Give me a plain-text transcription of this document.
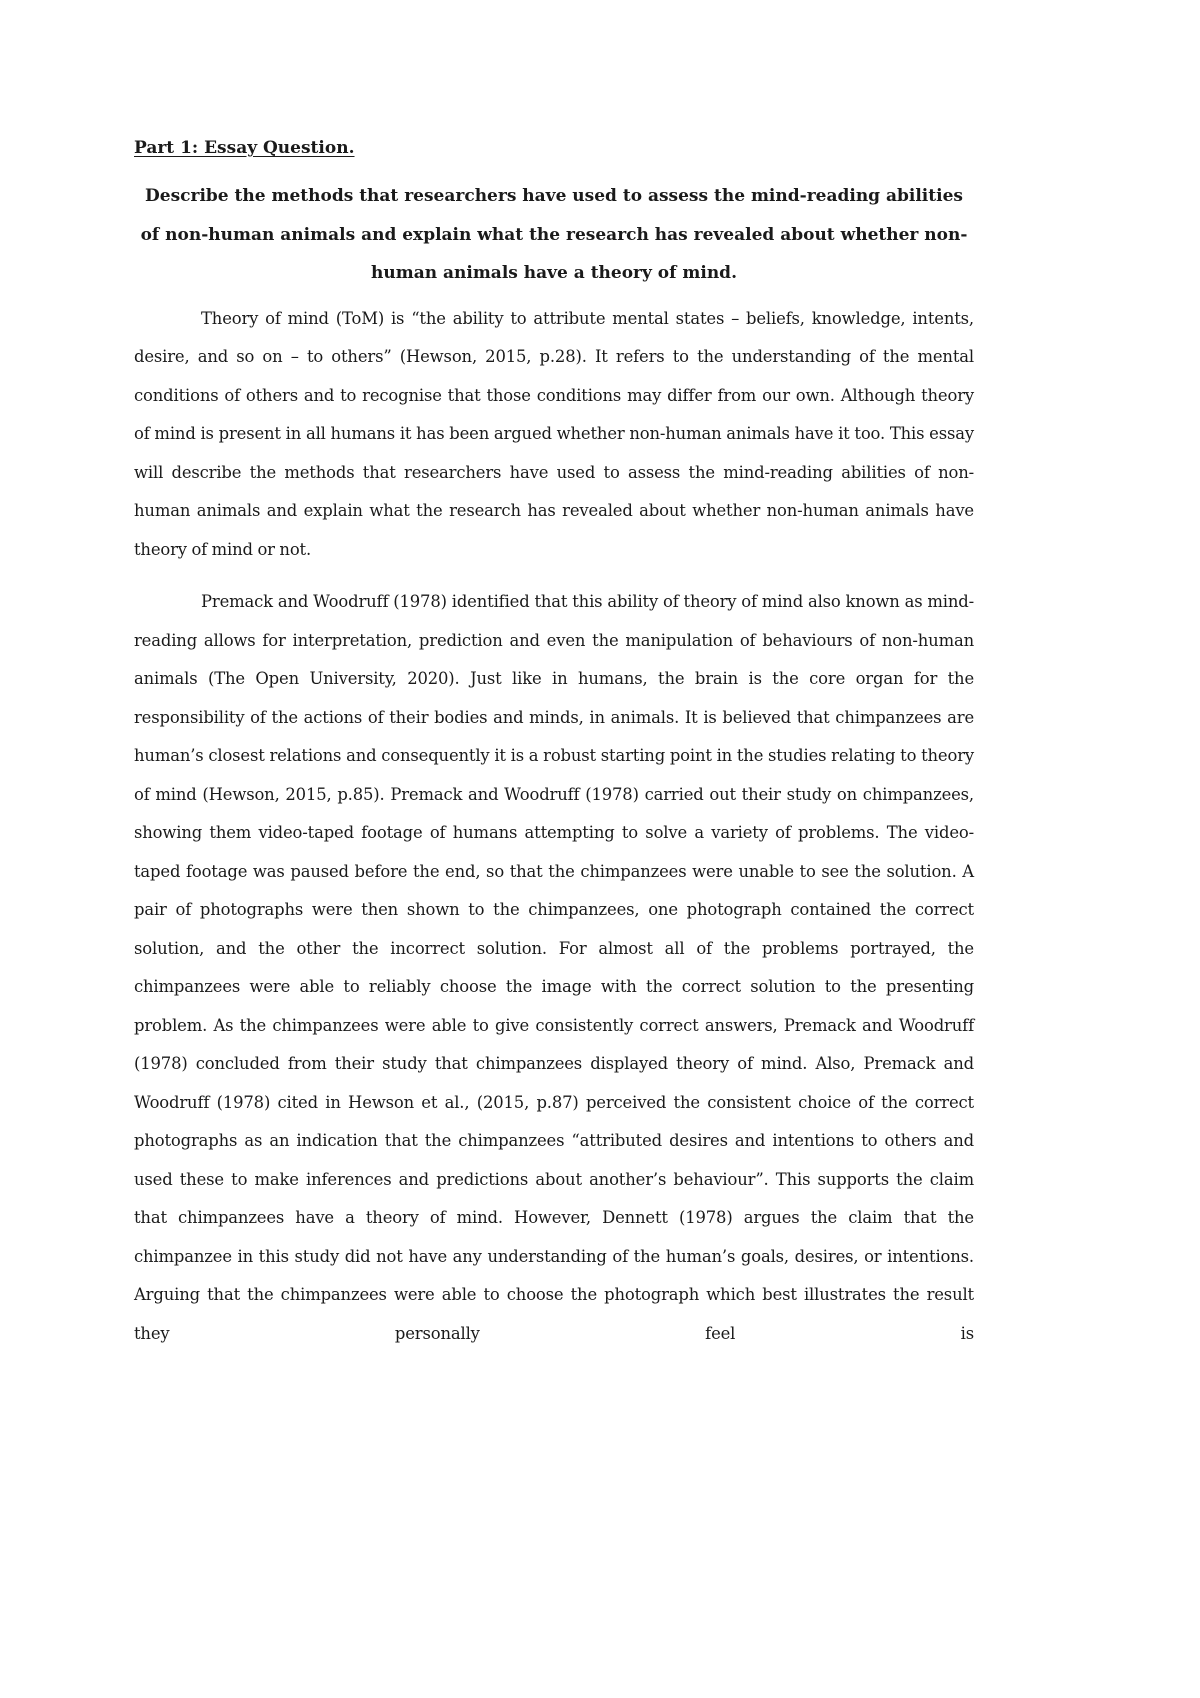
Part 1: Essay Question.

Describe the methods that researchers have used to assess the mind-reading abilities of non-human animals and explain what the research has revealed about whether non-human animals have a theory of mind.

Theory of mind (ToM) is “the ability to attribute mental states – beliefs, knowledge, intents, desire, and so on – to others” (Hewson, 2015, p.28). It refers to the understanding of the mental conditions of others and to recognise that those conditions may differ from our own. Although theory of mind is present in all humans it has been argued whether non-human animals have it too. This essay will describe the methods that researchers have used to assess the mind-reading abilities of non-human animals and explain what the research has revealed about whether non-human animals have theory of mind or not.

Premack and Woodruff (1978) identified that this ability of theory of mind also known as mind-reading allows for interpretation, prediction and even the manipulation of behaviours of non-human animals (The Open University, 2020). Just like in humans, the brain is the core organ for the responsibility of the actions of their bodies and minds, in animals. It is believed that chimpanzees are human’s closest relations and consequently it is a robust starting point in the studies relating to theory of mind (Hewson, 2015, p.85). Premack and Woodruff (1978) carried out their study on chimpanzees, showing them video-taped footage of humans attempting to solve a variety of problems. The video-taped footage was paused before the end, so that the chimpanzees were unable to see the solution. A pair of photographs were then shown to the chimpanzees, one photograph contained the correct solution, and the other the incorrect solution. For almost all of the problems portrayed, the chimpanzees were able to reliably choose the image with the correct solution to the presenting problem. As the chimpanzees were able to give consistently correct answers, Premack and Woodruff (1978) concluded from their study that chimpanzees displayed theory of mind. Also, Premack and Woodruff (1978) cited in Hewson et al., (2015, p.87) perceived the consistent choice of the correct photographs as an indication that the chimpanzees “attributed desires and intentions to others and used these to make inferences and predictions about another’s behaviour”. This supports the claim that chimpanzees have a theory of mind. However, Dennett (1978) argues the claim that the chimpanzee in this study did not have any understanding of the human’s goals, desires, or intentions. Arguing that the chimpanzees were able to choose the photograph which best illustrates the result they personally feel is
